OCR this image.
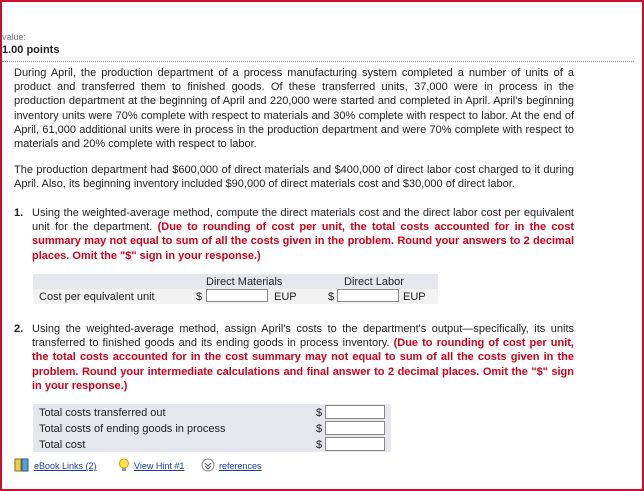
value:
1.00 points

During April, the production department of a process manufacturing system completed a number of units of a product and transferred them to finished goods. Of these transferred units, 37,000 were in process in the production department at the beginning of April and 220,000 were started and completed in April. April's beginning inventory units were 70% complete with respect to materials and 30% complete with respect to labor. At the end of April, 61,000 additional units were in process in the production department and were 70% complete with respect to materials and 20% complete with respect to labor.

The production department had $600,000 of direct materials and $400,000 of direct labor cost charged to it during April. Also, its beginning inventory included $90,000 of direct materials cost and $30,000 of direct labor.

1. Using the weighted-average method, compute the direct materials cost and the direct labor cost per equivalent unit for the department. (Due to rounding of cost per unit, the total costs accounted for in the cost summary may not equal to sum of all the costs given in the problem. Round your answers to 2 decimal places. Omit the "$" sign in your response.)
Direct Materials	Direct Labor
Cost per equivalent unit	$	EUP	$	EUP
2. Using the weighted-average method, assign April's costs to the department's output—specifically, its units transferred to finished goods and its ending goods in process inventory. (Due to rounding of cost per unit, the total costs accounted for in the cost summary may not equal to sum of all the costs given in the problem. Round your intermediate calculations and final answer to 2 decimal places. Omit the "$" sign in your response.)
Total costs transferred out	$
Total costs of ending goods in process	$
Total cost	$
eBook Links (2)	View Hint #1	references
